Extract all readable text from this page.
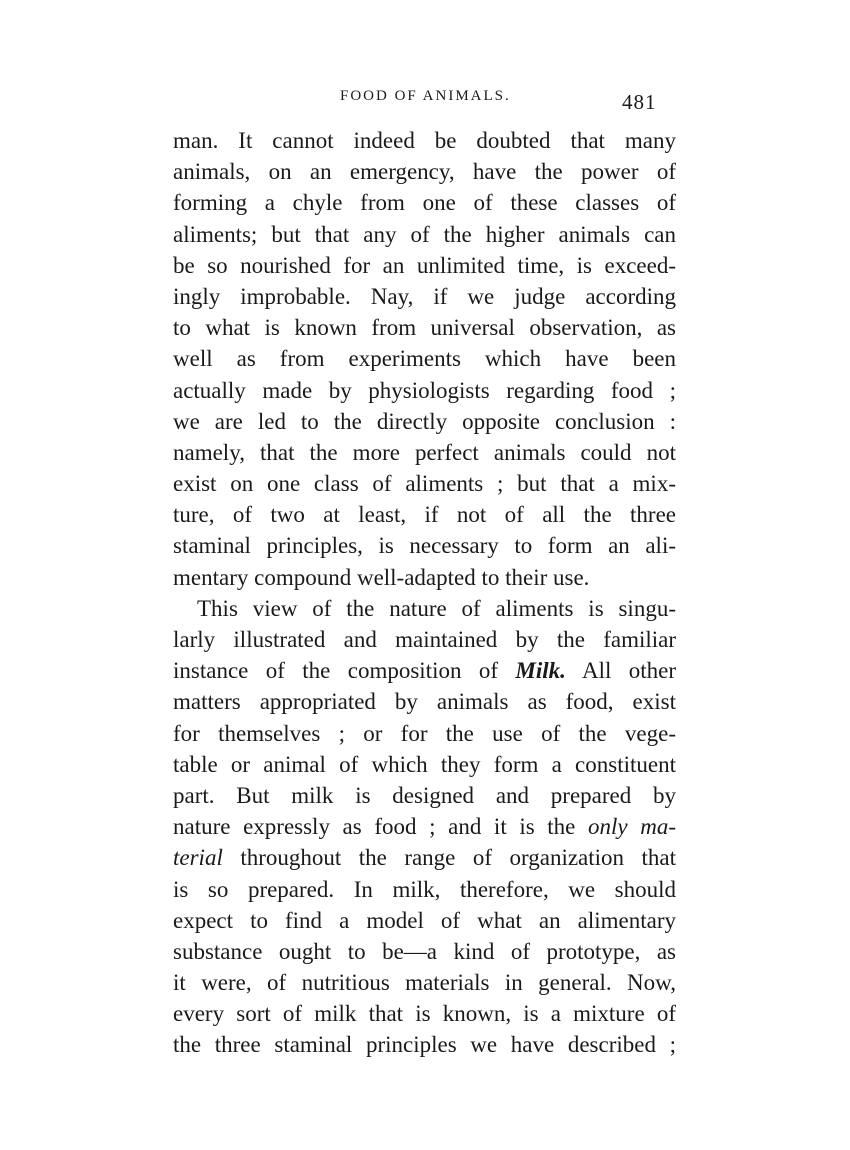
FOOD OF ANIMALS.	481
man. It cannot indeed be doubted that many
animals, on an emergency, have the power of
forming a chyle from one of these classes of
aliments; but that any of the higher animals can
be so nourished for an unlimited time, is exceed-
ingly improbable. Nay, if we judge according
to what is known from universal observation, as
well as from experiments which have been
actually made by physiologists regarding food ;
we are led to the directly opposite conclusion :
namely, that the more perfect animals could not
exist on one class of aliments ; but that a mix-
ture, of two at least, if not of all the three
staminal principles, is necessary to form an ali-
mentary compound well-adapted to their use.
This view of the nature of aliments is singu-
larly illustrated and maintained by the familiar
instance of the composition of Milk. All other
matters appropriated by animals as food, exist
for themselves ; or for the use of the vege-
table or animal of which they form a constituent
part. But milk is designed and prepared by
nature expressly as food ; and it is the only ma-
terial throughout the range of organization that
is so prepared. In milk, therefore, we should
expect to find a model of what an alimentary
substance ought to be—a kind of prototype, as
it were, of nutritious materials in general. Now,
every sort of milk that is known, is a mixture of
the three staminal principles we have described ;
